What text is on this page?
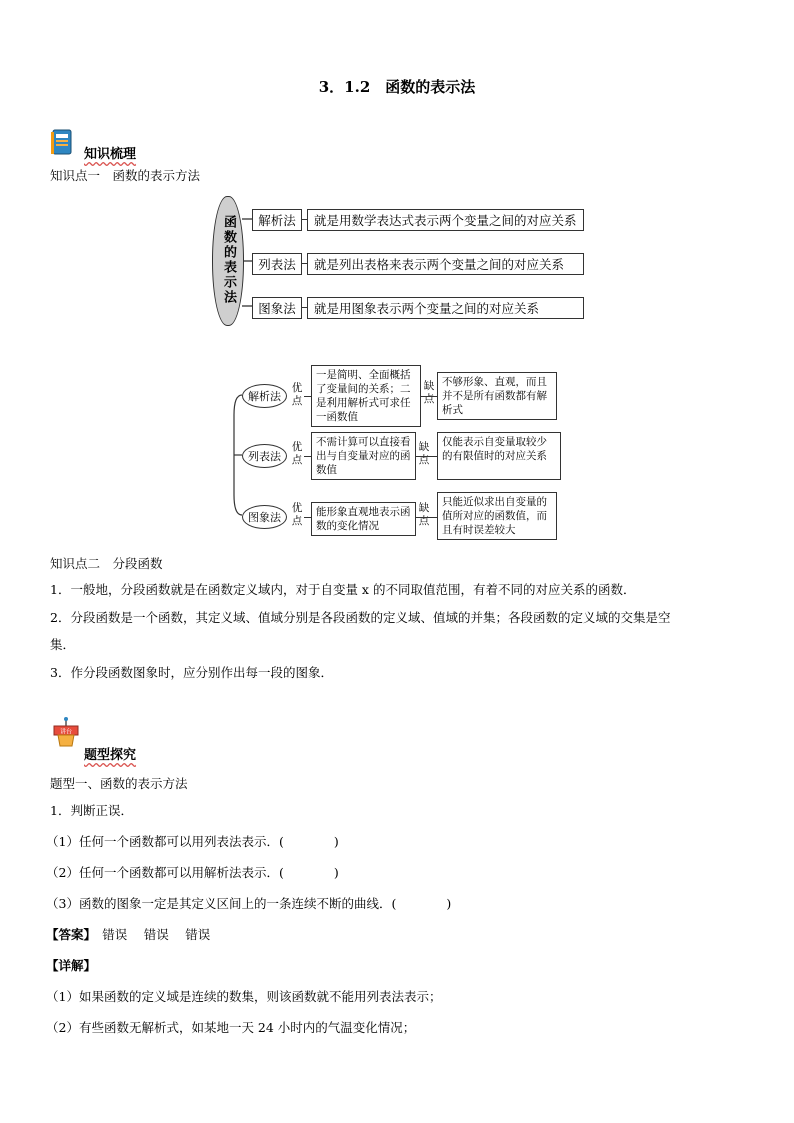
3．1.2　函数的表示法
知识梳理
知识点一　函数的表示方法
函数的表示法	解析法	就是用数学表达式表示两个变量之间的对应关系
列表法	就是列出表格来表示两个变量之间的对应关系
图象法	就是用图象表示两个变量之间的对应关系
解析法
优点
一是简明、全面概括了变量间的关系；二是利用解析式可求任一函数值
缺点
不够形象、直观，而且并不是所有函数都有解析式
列表法
优点
不需计算可以直接看出与自变量对应的函数值
缺点
仅能表示自变量取较少的有限值时的对应关系
图象法
优点
能形象直观地表示函数的变化情况
缺点
只能近似求出自变量的值所对应的函数值，而且有时误差较大
知识点二　分段函数
1．一般地，分段函数就是在函数定义域内，对于自变量 x 的不同取值范围，有着不同的对应关系的函数．
2．分段函数是一个函数，其定义域、值域分别是各段函数的定义域、值域的并集；各段函数的定义域的交集是空
集．
3．作分段函数图象时，应分别作出每一段的图象．
讲台
题型探究
题型一、函数的表示方法
1．判断正误．
（1）任何一个函数都可以用列表法表示．(　　　　)
（2）任何一个函数都可以用解析法表示．(　　　　)
（3）函数的图象一定是其定义区间上的一条连续不断的曲线．(　　　　)
【答案】　错误　 错误　 错误
【详解】
（1）如果函数的定义域是连续的数集，则该函数就不能用列表法表示；
（2）有些函数无解析式，如某地一天 24 小时内的气温变化情况；
